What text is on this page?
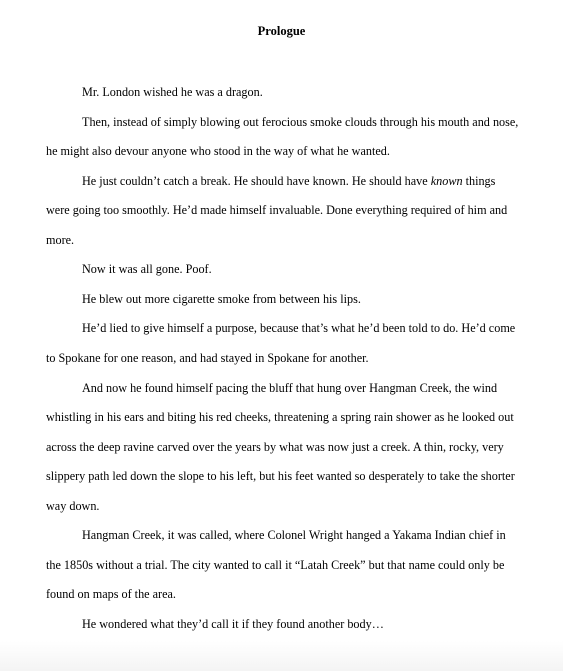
Prologue
Mr. London wished he was a dragon.
Then, instead of simply blowing out ferocious smoke clouds through his mouth and nose,
he might also devour anyone who stood in the way of what he wanted.
He just couldn’t catch a break. He should have known. He should have known things
were going too smoothly. He’d made himself invaluable. Done everything required of him and
more.
Now it was all gone. Poof.
He blew out more cigarette smoke from between his lips.
He’d lied to give himself a purpose, because that’s what he’d been told to do. He’d come
to Spokane for one reason, and had stayed in Spokane for another.
And now he found himself pacing the bluff that hung over Hangman Creek, the wind
whistling in his ears and biting his red cheeks, threatening a spring rain shower as he looked out
across the deep ravine carved over the years by what was now just a creek. A thin, rocky, very
slippery path led down the slope to his left, but his feet wanted so desperately to take the shorter
way down.
Hangman Creek, it was called, where Colonel Wright hanged a Yakama Indian chief in
the 1850s without a trial. The city wanted to call it “Latah Creek” but that name could only be
found on maps of the area.
He wondered what they’d call it if they found another body…
